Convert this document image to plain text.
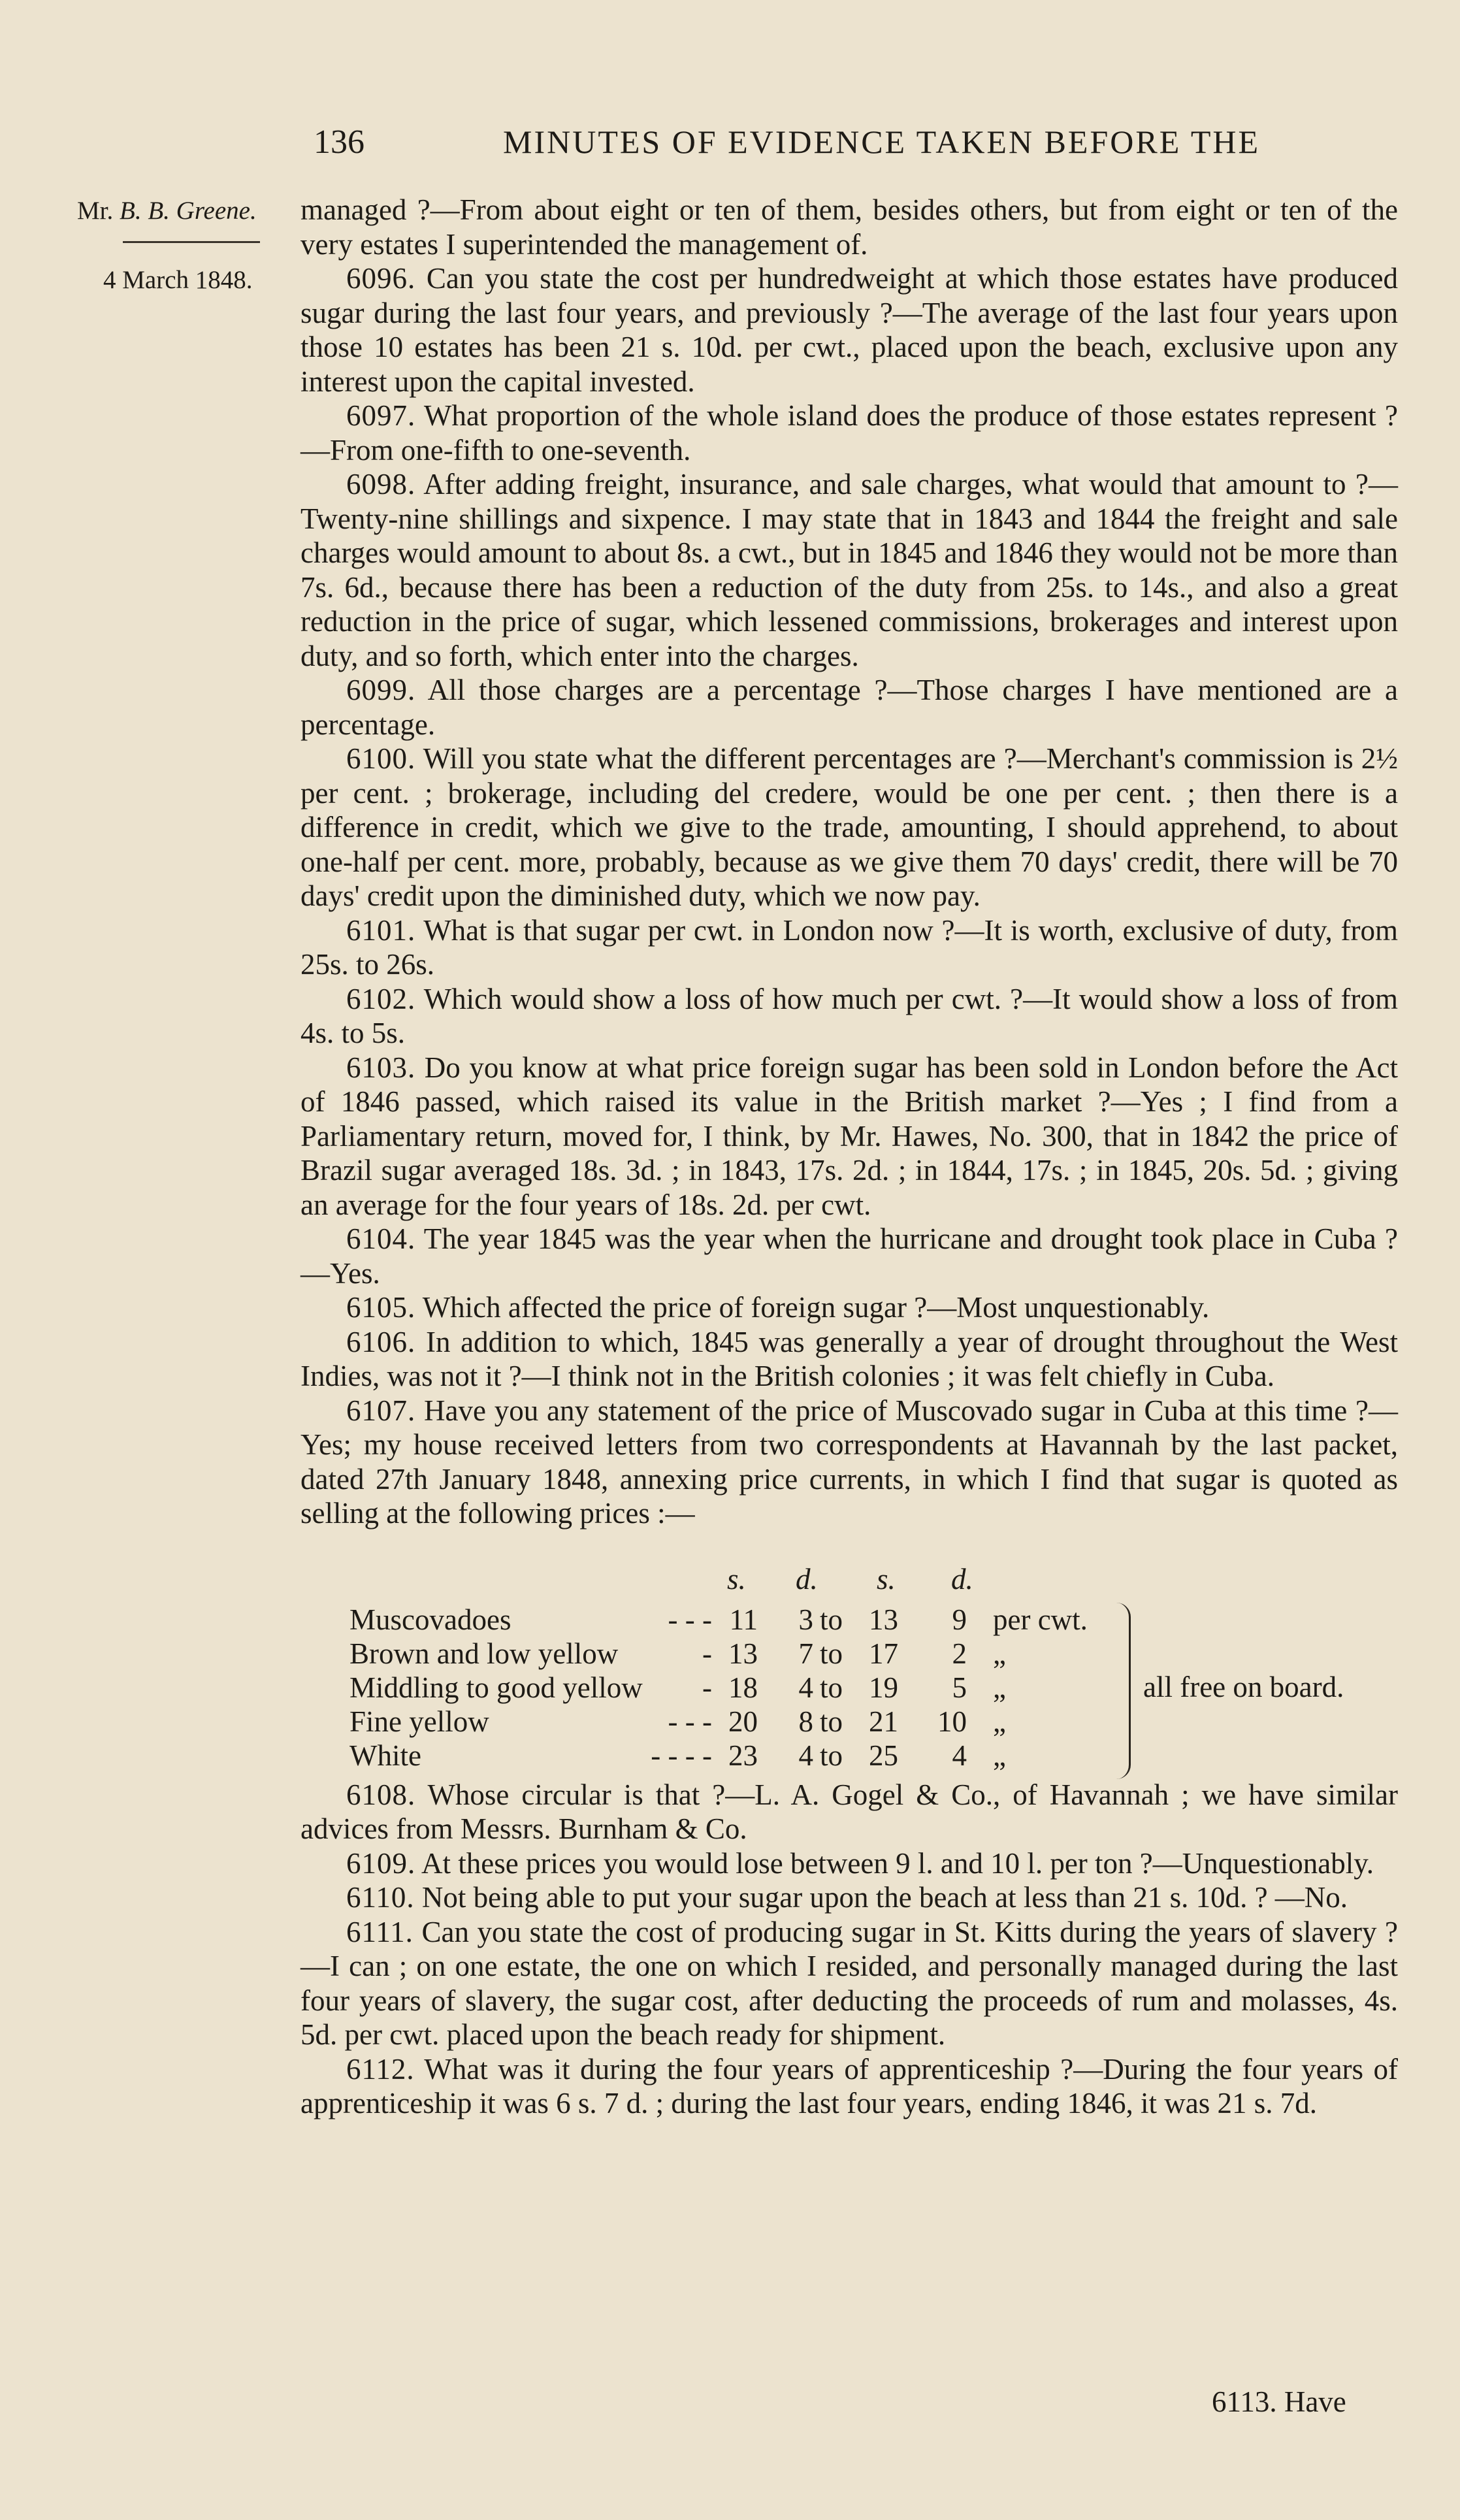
136	MINUTES OF EVIDENCE TAKEN BEFORE THE
Mr. B. B. Greene.
4 March 1848.

managed ?—From about eight or ten of them, besides others, but from eight or ten of the very estates I superintended the management of.

6096. Can you state the cost per hundredweight at which those estates have produced sugar during the last four years, and previously ?—The average of the last four years upon those 10 estates has been 21 s. 10d. per cwt., placed upon the beach, exclusive upon any interest upon the capital invested.

6097. What proportion of the whole island does the produce of those estates represent ?—From one-fifth to one-seventh.

6098. After adding freight, insurance, and sale charges, what would that amount to ?—Twenty-nine shillings and sixpence. I may state that in 1843 and 1844 the freight and sale charges would amount to about 8s. a cwt., but in 1845 and 1846 they would not be more than 7s. 6d., because there has been a reduction of the duty from 25s. to 14s., and also a great reduction in the price of sugar, which lessened commissions, brokerages and interest upon duty, and so forth, which enter into the charges.

6099. All those charges are a percentage ?—Those charges I have mentioned are a percentage.

6100. Will you state what the different percentages are ?—Merchant's commission is 2½ per cent. ; brokerage, including del credere, would be one per cent. ; then there is a difference in credit, which we give to the trade, amounting, I should apprehend, to about one-half per cent. more, probably, because as we give them 70 days' credit, there will be 70 days' credit upon the diminished duty, which we now pay.

6101. What is that sugar per cwt. in London now ?—It is worth, exclusive of duty, from 25s. to 26s.

6102. Which would show a loss of how much per cwt. ?—It would show a loss of from 4s. to 5s.

6103. Do you know at what price foreign sugar has been sold in London before the Act of 1846 passed, which raised its value in the British market ?—Yes ; I find from a Parliamentary return, moved for, I think, by Mr. Hawes, No. 300, that in 1842 the price of Brazil sugar averaged 18s. 3d. ; in 1843, 17s. 2d. ; in 1844, 17s. ; in 1845, 20s. 5d. ; giving an average for the four years of 18s. 2d. per cwt.

6104. The year 1845 was the year when the hurricane and drought took place in Cuba ?—Yes.

6105. Which affected the price of foreign sugar ?—Most unquestionably.

6106. In addition to which, 1845 was generally a year of drought throughout the West Indies, was not it ?—I think not in the British colonies ; it was felt chiefly in Cuba.

6107. Have you any statement of the price of Muscovado sugar in Cuba at this time ?—Yes; my house received letters from two correspondents at Havannah by the last packet, dated 27th January 1848, annexing price currents, in which I find that sugar is quoted as selling at the following prices :—

s. d. s. d.
all free on board.
Muscovadoes	- - - 11	3 to 13	9 per cwt.
Brown and low yellow	- 13	7 to 17	2 „
Middling to good yellow	- 18	4 to 19	5 „
Fine yellow	- - - 20	8 to 21	10 „
White	- - - - 23	4 to 25	4 „

6108. Whose circular is that ?—L. A. Gogel & Co., of Havannah ; we have similar advices from Messrs. Burnham & Co.

6109. At these prices you would lose between 9 l. and 10 l. per ton ?—Unquestionably.

6110. Not being able to put your sugar upon the beach at less than 21 s. 10d. ? —No.

6111. Can you state the cost of producing sugar in St. Kitts during the years of slavery ?—I can ; on one estate, the one on which I resided, and personally managed during the last four years of slavery, the sugar cost, after deducting the proceeds of rum and molasses, 4s. 5d. per cwt. placed upon the beach ready for shipment.

6112. What was it during the four years of apprenticeship ?—During the four years of apprenticeship it was 6 s. 7 d. ; during the last four years, ending 1846, it was 21 s. 7d.

6113. Have
